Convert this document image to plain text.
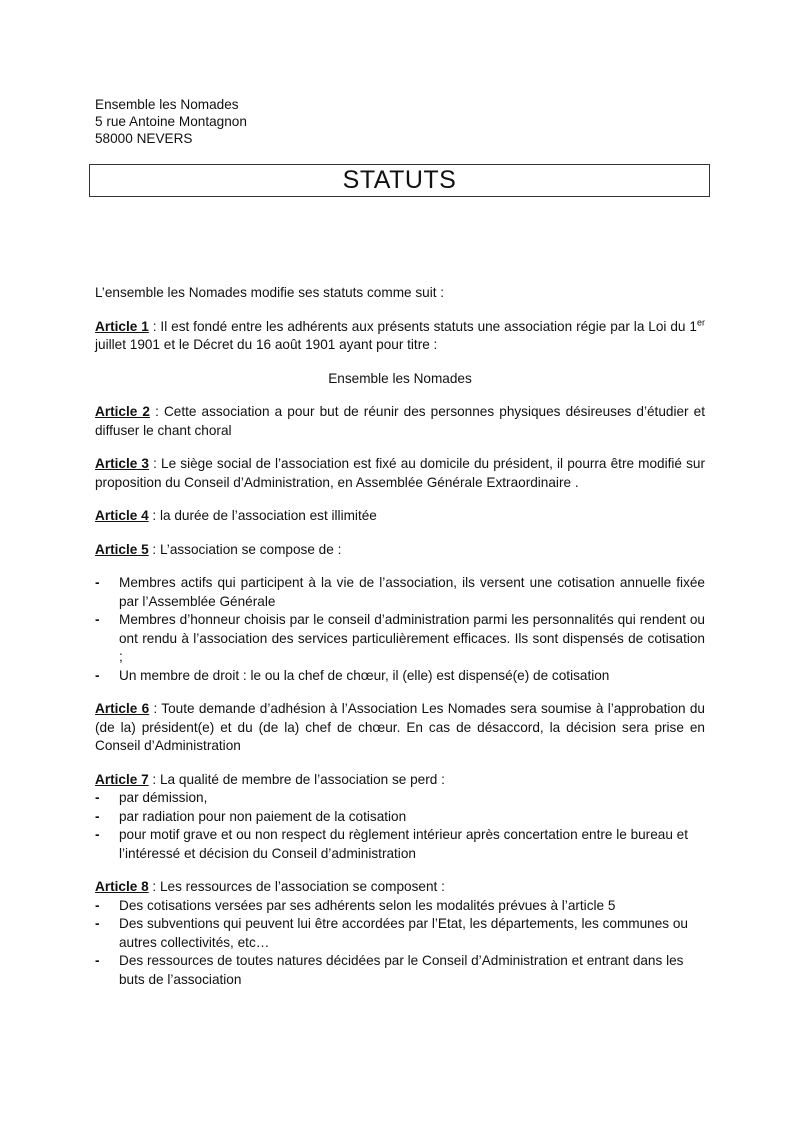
Ensemble les Nomades
5 rue Antoine Montagnon
58000 NEVERS
STATUTS

L’ensemble les Nomades modifie ses statuts comme suit :

Article 1 : Il est fondé entre les adhérents aux présents statuts une association régie par la Loi du 1er juillet 1901 et le Décret du 16 août 1901 ayant pour titre :

Ensemble les Nomades

Article 2 : Cette association a pour but de réunir des personnes physiques désireuses d’étudier et diffuser le chant choral

Article 3 : Le siège social de l’association est fixé au domicile du président, il pourra être modifié sur proposition du Conseil d’Administration, en Assemblée Générale Extraordinaire .

Article 4 : la durée de l’association est illimitée

Article 5 : L’association se compose de :

- Membres actifs qui participent à la vie de l’association, ils versent une cotisation annuelle fixée par l’Assemblée Générale
- Membres d’honneur choisis par le conseil d’administration parmi les personnalités qui rendent ou ont rendu à l’association des services particulièrement efficaces. Ils sont dispensés de cotisation ;
- Un membre de droit : le ou la chef de chœur, il (elle) est dispensé(e) de cotisation

Article 6 : Toute demande d’adhésion à l’Association Les Nomades sera soumise à l’approbation du (de la) président(e) et du (de la) chef de chœur. En cas de désaccord, la décision sera prise en Conseil d’Administration

Article 7 : La qualité de membre de l’association se perd :

- par démission,
- par radiation pour non paiement de la cotisation
- pour motif grave et ou non respect du règlement intérieur après concertation entre le bureau et l’intéressé et décision du Conseil d’administration

Article 8 : Les ressources de l’association se composent :

- Des cotisations versées par ses adhérents selon les modalités prévues à l’article 5
- Des subventions qui peuvent lui être accordées par l’Etat, les départements, les communes ou autres collectivités, etc…
- Des ressources de toutes natures décidées par le Conseil d’Administration et entrant dans les buts de l’association
